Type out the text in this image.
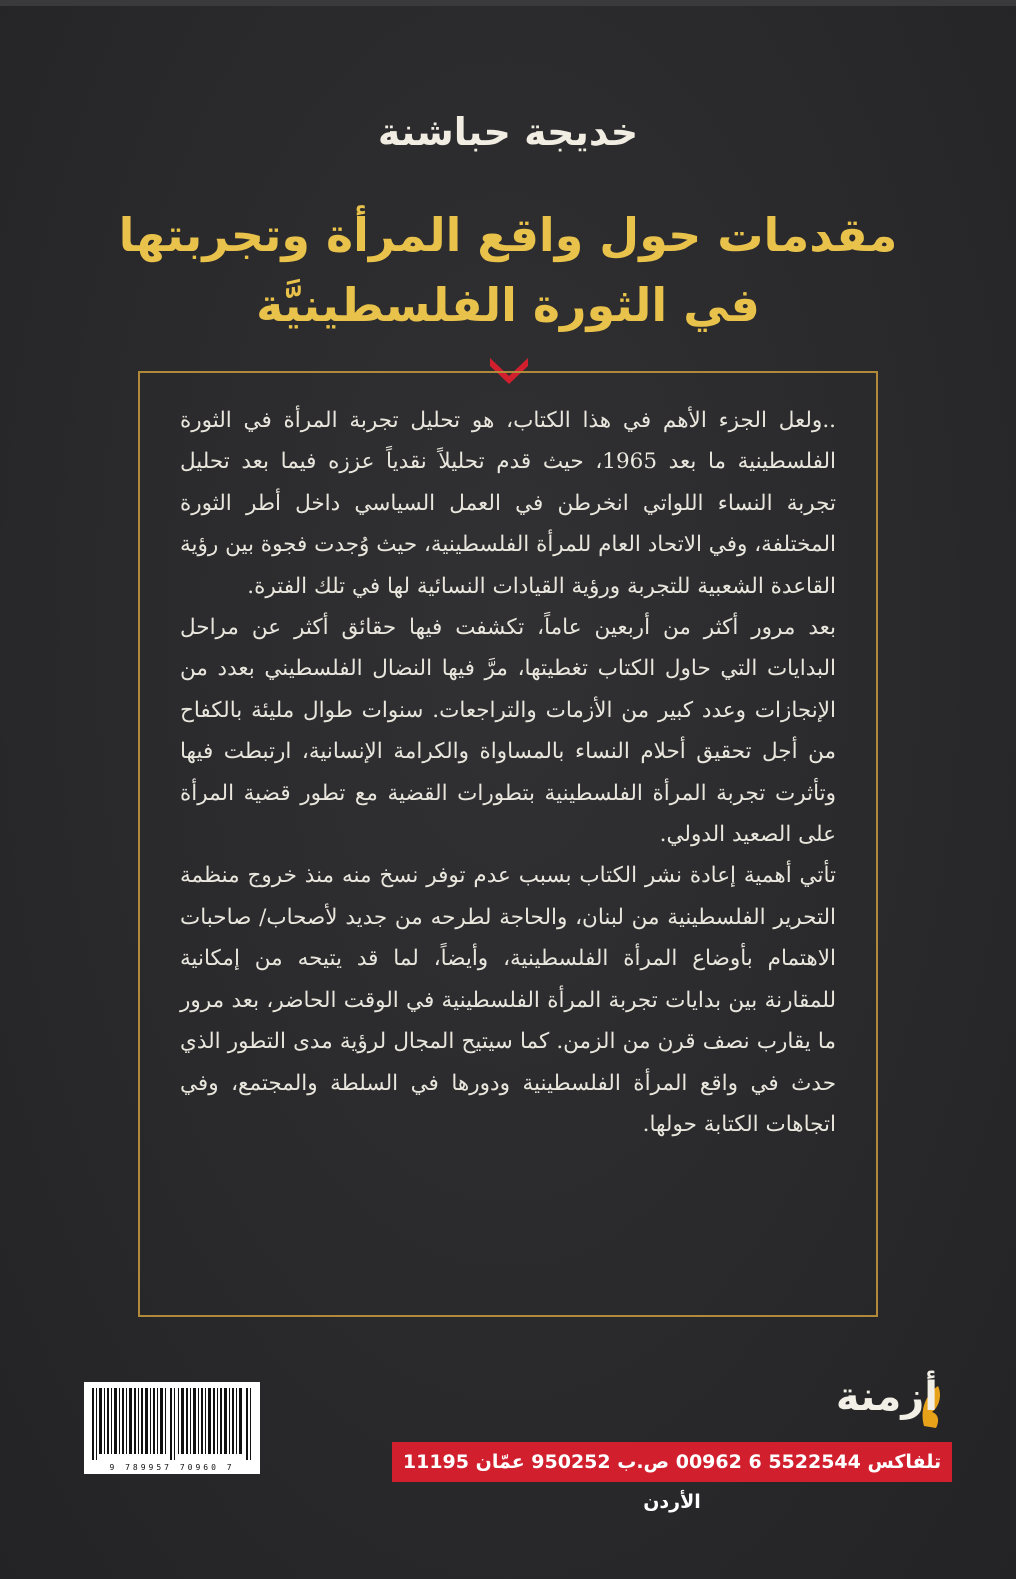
خديجة حباشنة
مقدمات حول واقع المرأة وتجربتها
في الثورة الفلسطينيَّة

..ولعل الجزء الأهم في هذا الكتاب، هو تحليل تجربة المرأة في الثورة الفلسطينية ما بعد 1965، حيث قدم تحليلاً نقدياً عززه فيما بعد تحليل تجربة النساء اللواتي انخرطن في العمل السياسي داخل أطر الثورة المختلفة، وفي الاتحاد العام للمرأة الفلسطينية، حيث وُجدت فجوة بين رؤية القاعدة الشعبية للتجربة ورؤية القيادات النسائية لها في تلك الفترة.

بعد مرور أكثر من أربعين عاماً، تكشفت فيها حقائق أكثر عن مراحل البدايات التي حاول الكتاب تغطيتها، مرَّ فيها النضال الفلسطيني بعدد من الإنجازات وعدد كبير من الأزمات والتراجعات. سنوات طوال مليئة بالكفاح من أجل تحقيق أحلام النساء بالمساواة والكرامة الإنسانية، ارتبطت فيها وتأثرت تجربة المرأة الفلسطينية بتطورات القضية مع تطور قضية المرأة على الصعيد الدولي.

تأتي أهمية إعادة نشر الكتاب بسبب عدم توفر نسخ منه منذ خروج منظمة التحرير الفلسطينية من لبنان، والحاجة لطرحه من جديد لأصحاب/ صاحبات الاهتمام بأوضاع المرأة الفلسطينية، وأيضاً، لما قد يتيحه من إمكانية للمقارنة بين بدايات تجربة المرأة الفلسطينية في الوقت الحاضر، بعد مرور ما يقارب نصف قرن من الزمن. كما سيتيح المجال لرؤية مدى التطور الذي حدث في واقع المرأة الفلسطينية ودورها في السلطة والمجتمع، وفي اتجاهات الكتابة حولها.

9 789957 70960 7
أزمنة
تلفاكس 5522544 6 00962 ص.ب 950252 عمّان 11195 الأردن
